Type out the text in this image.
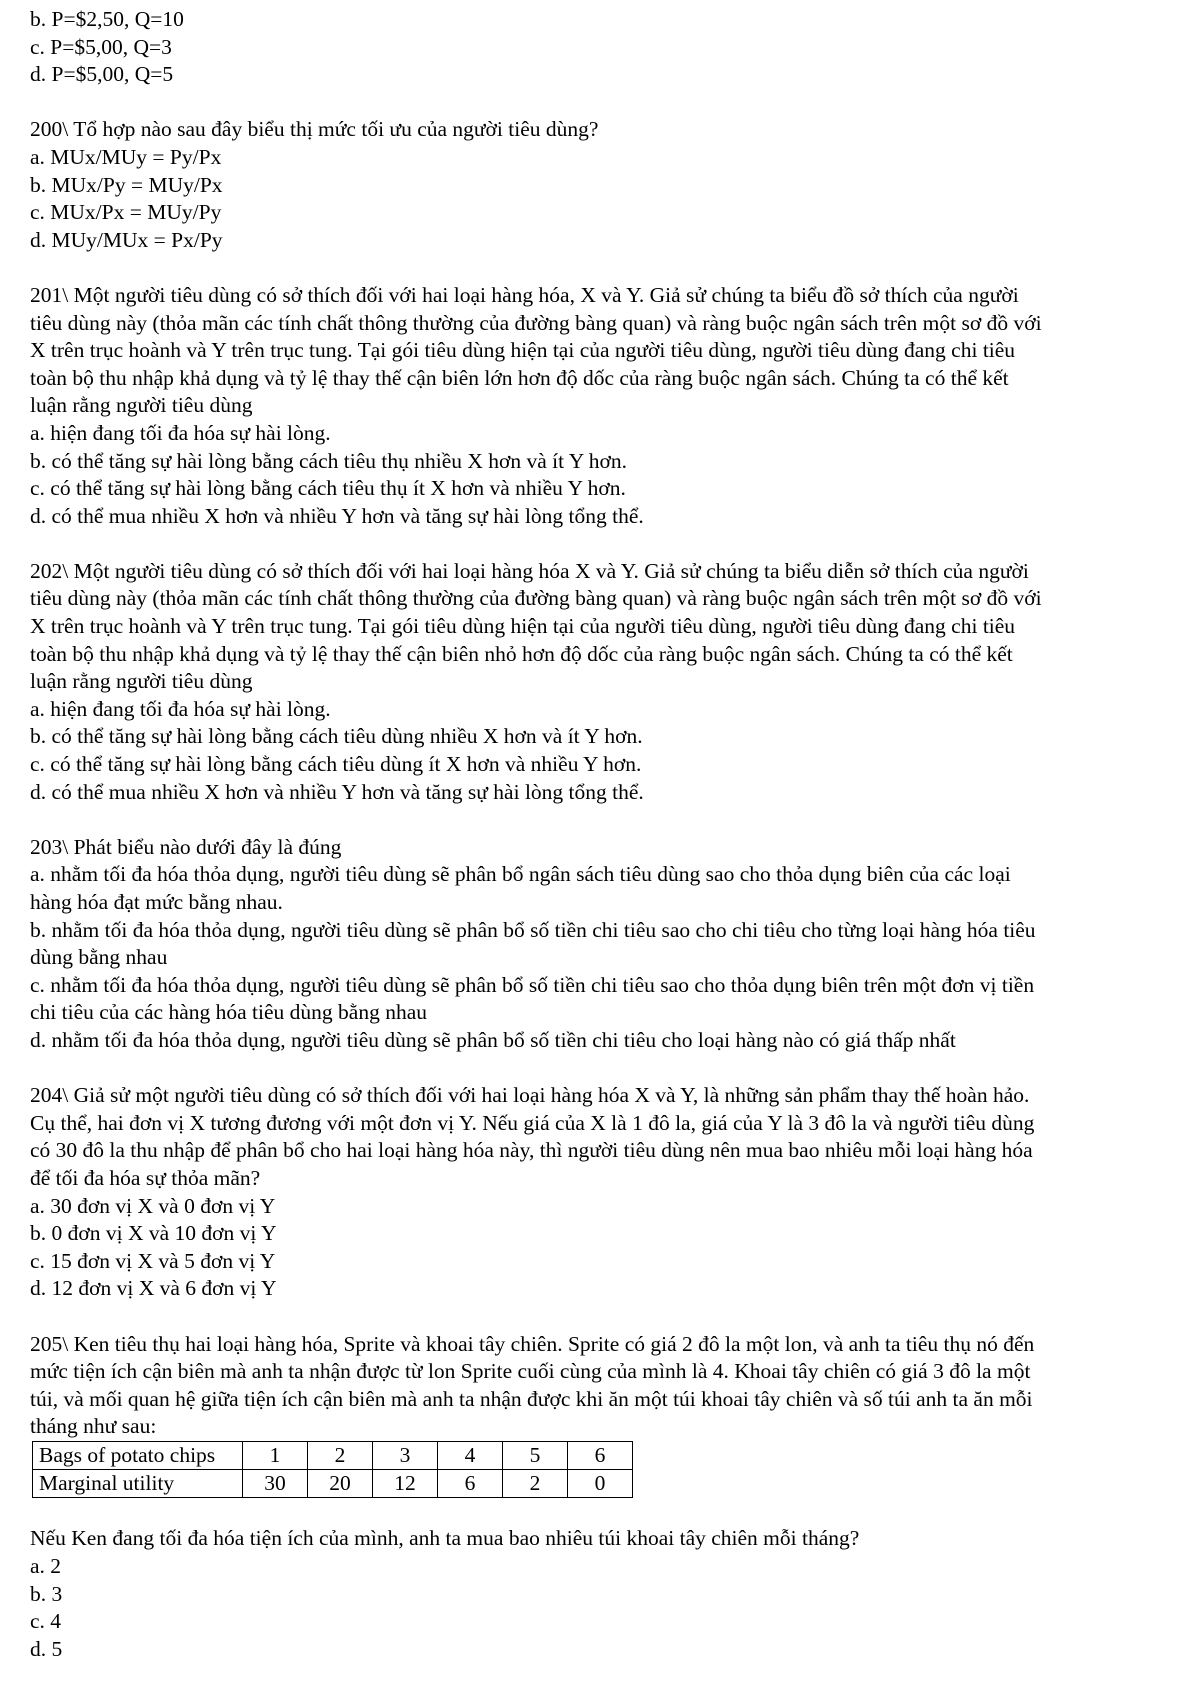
b. P=$2,50, Q=10
c. P=$5,00, Q=3
d. P=$5,00, Q=5
200\ Tổ hợp nào sau đây biểu thị mức tối ưu của người tiêu dùng?
a. MUx/MUy = Py/Px
b. MUx/Py = MUy/Px
c. MUx/Px = MUy/Py
d. MUy/MUx = Px/Py
201\ Một người tiêu dùng có sở thích đối với hai loại hàng hóa, X và Y. Giả sử chúng ta biểu đồ sở thích của người
tiêu dùng này (thỏa mãn các tính chất thông thường của đường bàng quan) và ràng buộc ngân sách trên một sơ đồ với
X trên trục hoành và Y trên trục tung. Tại gói tiêu dùng hiện tại của người tiêu dùng, người tiêu dùng đang chi tiêu
toàn bộ thu nhập khả dụng và tỷ lệ thay thế cận biên lớn hơn độ dốc của ràng buộc ngân sách. Chúng ta có thể kết
luận rằng người tiêu dùng
a. hiện đang tối đa hóa sự hài lòng.
b. có thể tăng sự hài lòng bằng cách tiêu thụ nhiều X hơn và ít Y hơn.
c. có thể tăng sự hài lòng bằng cách tiêu thụ ít X hơn và nhiều Y hơn.
d. có thể mua nhiều X hơn và nhiều Y hơn và tăng sự hài lòng tổng thể.
202\ Một người tiêu dùng có sở thích đối với hai loại hàng hóa X và Y. Giả sử chúng ta biểu diễn sở thích của người
tiêu dùng này (thỏa mãn các tính chất thông thường của đường bàng quan) và ràng buộc ngân sách trên một sơ đồ với
X trên trục hoành và Y trên trục tung. Tại gói tiêu dùng hiện tại của người tiêu dùng, người tiêu dùng đang chi tiêu
toàn bộ thu nhập khả dụng và tỷ lệ thay thế cận biên nhỏ hơn độ dốc của ràng buộc ngân sách. Chúng ta có thể kết
luận rằng người tiêu dùng
a. hiện đang tối đa hóa sự hài lòng.
b. có thể tăng sự hài lòng bằng cách tiêu dùng nhiều X hơn và ít Y hơn.
c. có thể tăng sự hài lòng bằng cách tiêu dùng ít X hơn và nhiều Y hơn.
d. có thể mua nhiều X hơn và nhiều Y hơn và tăng sự hài lòng tổng thể.
203\ Phát biểu nào dưới đây là đúng
a. nhằm tối đa hóa thỏa dụng, người tiêu dùng sẽ phân bổ ngân sách tiêu dùng sao cho thỏa dụng biên của các loại
hàng hóa đạt mức bằng nhau.
b. nhằm tối đa hóa thỏa dụng, người tiêu dùng sẽ phân bổ số tiền chi tiêu sao cho chi tiêu cho từng loại hàng hóa tiêu
dùng bằng nhau
c. nhằm tối đa hóa thỏa dụng, người tiêu dùng sẽ phân bổ số tiền chi tiêu sao cho thỏa dụng biên trên một đơn vị tiền
chi tiêu của các hàng hóa tiêu dùng bằng nhau
d. nhằm tối đa hóa thỏa dụng, người tiêu dùng sẽ phân bổ số tiền chi tiêu cho loại hàng nào có giá thấp nhất
204\ Giả sử một người tiêu dùng có sở thích đối với hai loại hàng hóa X và Y, là những sản phẩm thay thế hoàn hảo.
Cụ thể, hai đơn vị X tương đương với một đơn vị Y. Nếu giá của X là 1 đô la, giá của Y là 3 đô la và người tiêu dùng
có 30 đô la thu nhập để phân bổ cho hai loại hàng hóa này, thì người tiêu dùng nên mua bao nhiêu mỗi loại hàng hóa
để tối đa hóa sự thỏa mãn?
a. 30 đơn vị X và 0 đơn vị Y
b. 0 đơn vị X và 10 đơn vị Y
c. 15 đơn vị X và 5 đơn vị Y
d. 12 đơn vị X và 6 đơn vị Y
205\ Ken tiêu thụ hai loại hàng hóa, Sprite và khoai tây chiên. Sprite có giá 2 đô la một lon, và anh ta tiêu thụ nó đến
mức tiện ích cận biên mà anh ta nhận được từ lon Sprite cuối cùng của mình là 4. Khoai tây chiên có giá 3 đô la một
túi, và mối quan hệ giữa tiện ích cận biên mà anh ta nhận được khi ăn một túi khoai tây chiên và số túi anh ta ăn mỗi
tháng như sau:
Bags of potato chips	1	2	3	4	5	6
Marginal utility	30	20	12	6	2	0
Nếu Ken đang tối đa hóa tiện ích của mình, anh ta mua bao nhiêu túi khoai tây chiên mỗi tháng?
a. 2
b. 3
c. 4
d. 5
